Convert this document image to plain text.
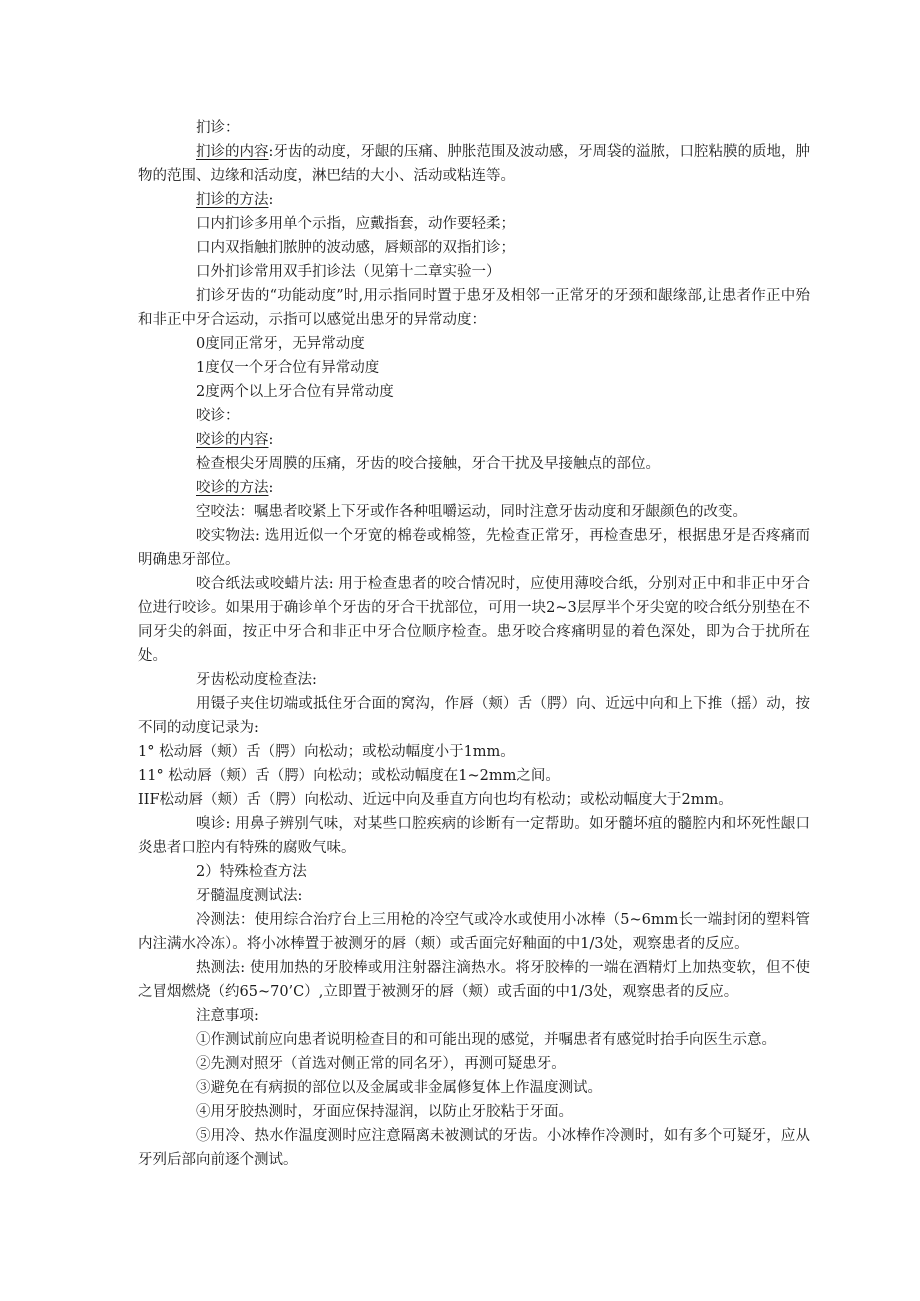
扪诊：

扪诊的内容:牙齿的动度，牙龈的压痛、肿胀范围及波动感，牙周袋的溢脓，口腔粘膜的质地，肿物的范围、边缘和活动度，淋巴结的大小、活动或粘连等。

扪诊的方法:

口内扪诊多用单个示指，应戴指套，动作要轻柔；

口内双指触扪脓肿的波动感，唇颊部的双指扪诊；

口外扪诊常用双手扪诊法（见第十二章实验一）

扪诊牙齿的“功能动度”时,用示指同时置于患牙及相邻一正常牙的牙颈和龈缘部,让患者作正中殆和非正中牙合运动，示指可以感觉出患牙的异常动度：

0度同正常牙，无异常动度

1度仅一个牙合位有异常动度

2度两个以上牙合位有异常动度

咬诊：

咬诊的内容:

检查根尖牙周膜的压痛，牙齿的咬合接触，牙合干扰及早接触点的部位。

咬诊的方法:

空咬法：嘱患者咬紧上下牙或作各种咀嚼运动，同时注意牙齿动度和牙龈颜色的改变。

咬实物法: 选用近似一个牙宽的棉卷或棉签，先检查正常牙，再检查患牙，根据患牙是否疼痛而明确患牙部位。

咬合纸法或咬蜡片法: 用于检查患者的咬合情况时，应使用薄咬合纸，分别对正中和非正中牙合位进行咬诊。如果用于确诊单个牙齿的牙合干扰部位，可用一块2~3层厚半个牙尖宽的咬合纸分别垫在不同牙尖的斜面，按正中牙合和非正中牙合位顺序检查。患牙咬合疼痛明显的着色深处，即为合于扰所在处。

牙齿松动度检查法:

用镊子夹住切端或抵住牙合面的窝沟，作唇（颊）舌（腭）向、近远中向和上下推（摇）动，按不同的动度记录为:

1° 松动唇（颊）舌（腭）向松动；或松动幅度小于1mm。

11° 松动唇（颊）舌（腭）向松动；或松动幅度在1~2mm之间。

IIF松动唇（颊）舌（腭）向松动、近远中向及垂直方向也均有松动；或松动幅度大于2mm。

嗅诊: 用鼻子辨别气味，对某些口腔疾病的诊断有一定帮助。如牙髓坏疽的髓腔内和坏死性龈口炎患者口腔内有特殊的腐败气味。

2）特殊检查方法

牙髓温度测试法:

冷测法：使用综合治疗台上三用枪的冷空气或冷水或使用小冰棒（5~6mm长一端封闭的塑料管内注满水冷冻）。将小冰棒置于被测牙的唇（颊）或舌面完好釉面的中1/3处，观察患者的反应。

热测法: 使用加热的牙胶棒或用注射器注滴热水。将牙胶棒的一端在酒精灯上加热变软，但不使之冒烟燃烧（约65~70’C）,立即置于被测牙的唇（颊）或舌面的中1/3处，观察患者的反应。

注意事项:

①作测试前应向患者说明检查目的和可能出现的感觉，并嘱患者有感觉时抬手向医生示意。

②先测对照牙（首选对侧正常的同名牙），再测可疑患牙。

③避免在有病损的部位以及金属或非金属修复体上作温度测试。

④用牙胶热测时，牙面应保持湿润，以防止牙胶粘于牙面。

⑤用冷、热水作温度测时应注意隔离未被测试的牙齿。小冰棒作冷测时，如有多个可疑牙，应从牙列后部向前逐个测试。
